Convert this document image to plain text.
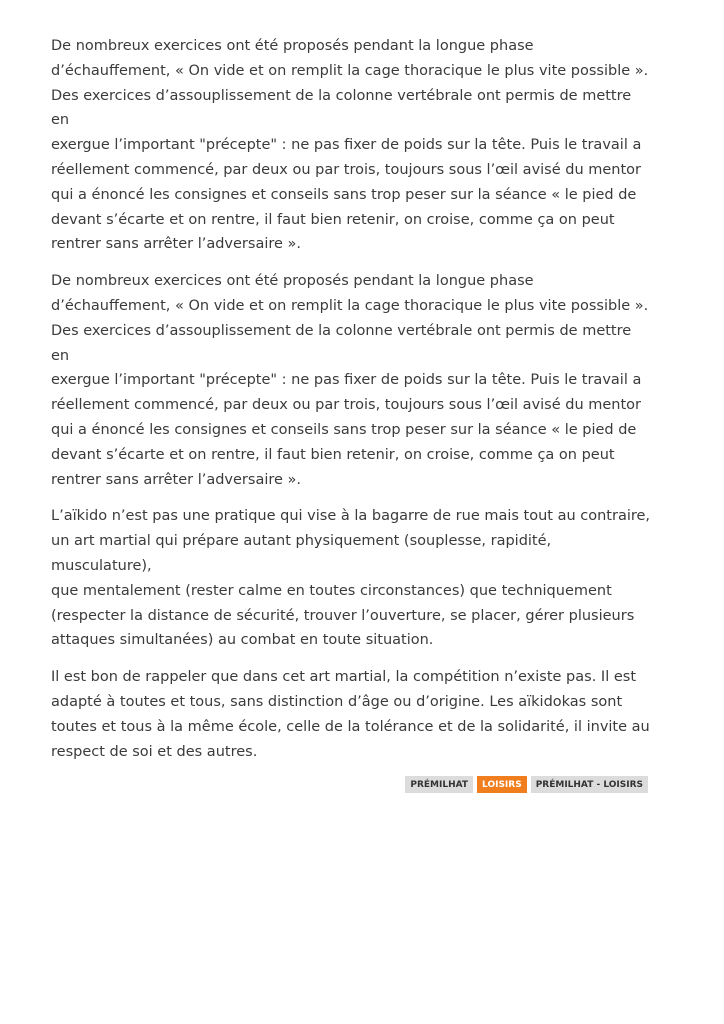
De nombreux exercices ont été proposés pendant la longue phase
d’échauffement, « On vide et on remplit la cage thoracique le plus vite possible ».
Des exercices d’assouplissement de la colonne vertébrale ont permis de mettre en
exergue l’important "précepte" : ne pas fixer de poids sur la tête. Puis le travail a
réellement commencé, par deux ou par trois, toujours sous l’œil avisé du mentor
qui a énoncé les consignes et conseils sans trop peser sur la séance « le pied de
devant s’écarte et on rentre, il faut bien retenir, on croise, comme ça on peut
rentrer sans arrêter l’adversaire ».

De nombreux exercices ont été proposés pendant la longue phase
d’échauffement, « On vide et on remplit la cage thoracique le plus vite possible ».
Des exercices d’assouplissement de la colonne vertébrale ont permis de mettre en
exergue l’important "précepte" : ne pas fixer de poids sur la tête. Puis le travail a
réellement commencé, par deux ou par trois, toujours sous l’œil avisé du mentor
qui a énoncé les consignes et conseils sans trop peser sur la séance « le pied de
devant s’écarte et on rentre, il faut bien retenir, on croise, comme ça on peut
rentrer sans arrêter l’adversaire ».

L’aïkido n’est pas une pratique qui vise à la bagarre de rue mais tout au contraire,
un art martial qui prépare autant physiquement (souplesse, rapidité, musculature),
que mentalement (rester calme en toutes circonstances) que techniquement
(respecter la distance de sécurité, trouver l’ouverture, se placer, gérer plusieurs
attaques simultanées) au combat en toute situation.

Il est bon de rappeler que dans cet art martial, la compétition n’existe pas. Il est
adapté à toutes et tous, sans distinction d’âge ou d’origine. Les aïkidokas sont
toutes et tous à la même école, celle de la tolérance et de la solidarité, il invite au
respect de soi et des autres.

PRÉMILHAT	LOISIRS	PRÉMILHAT - LOISIRS
